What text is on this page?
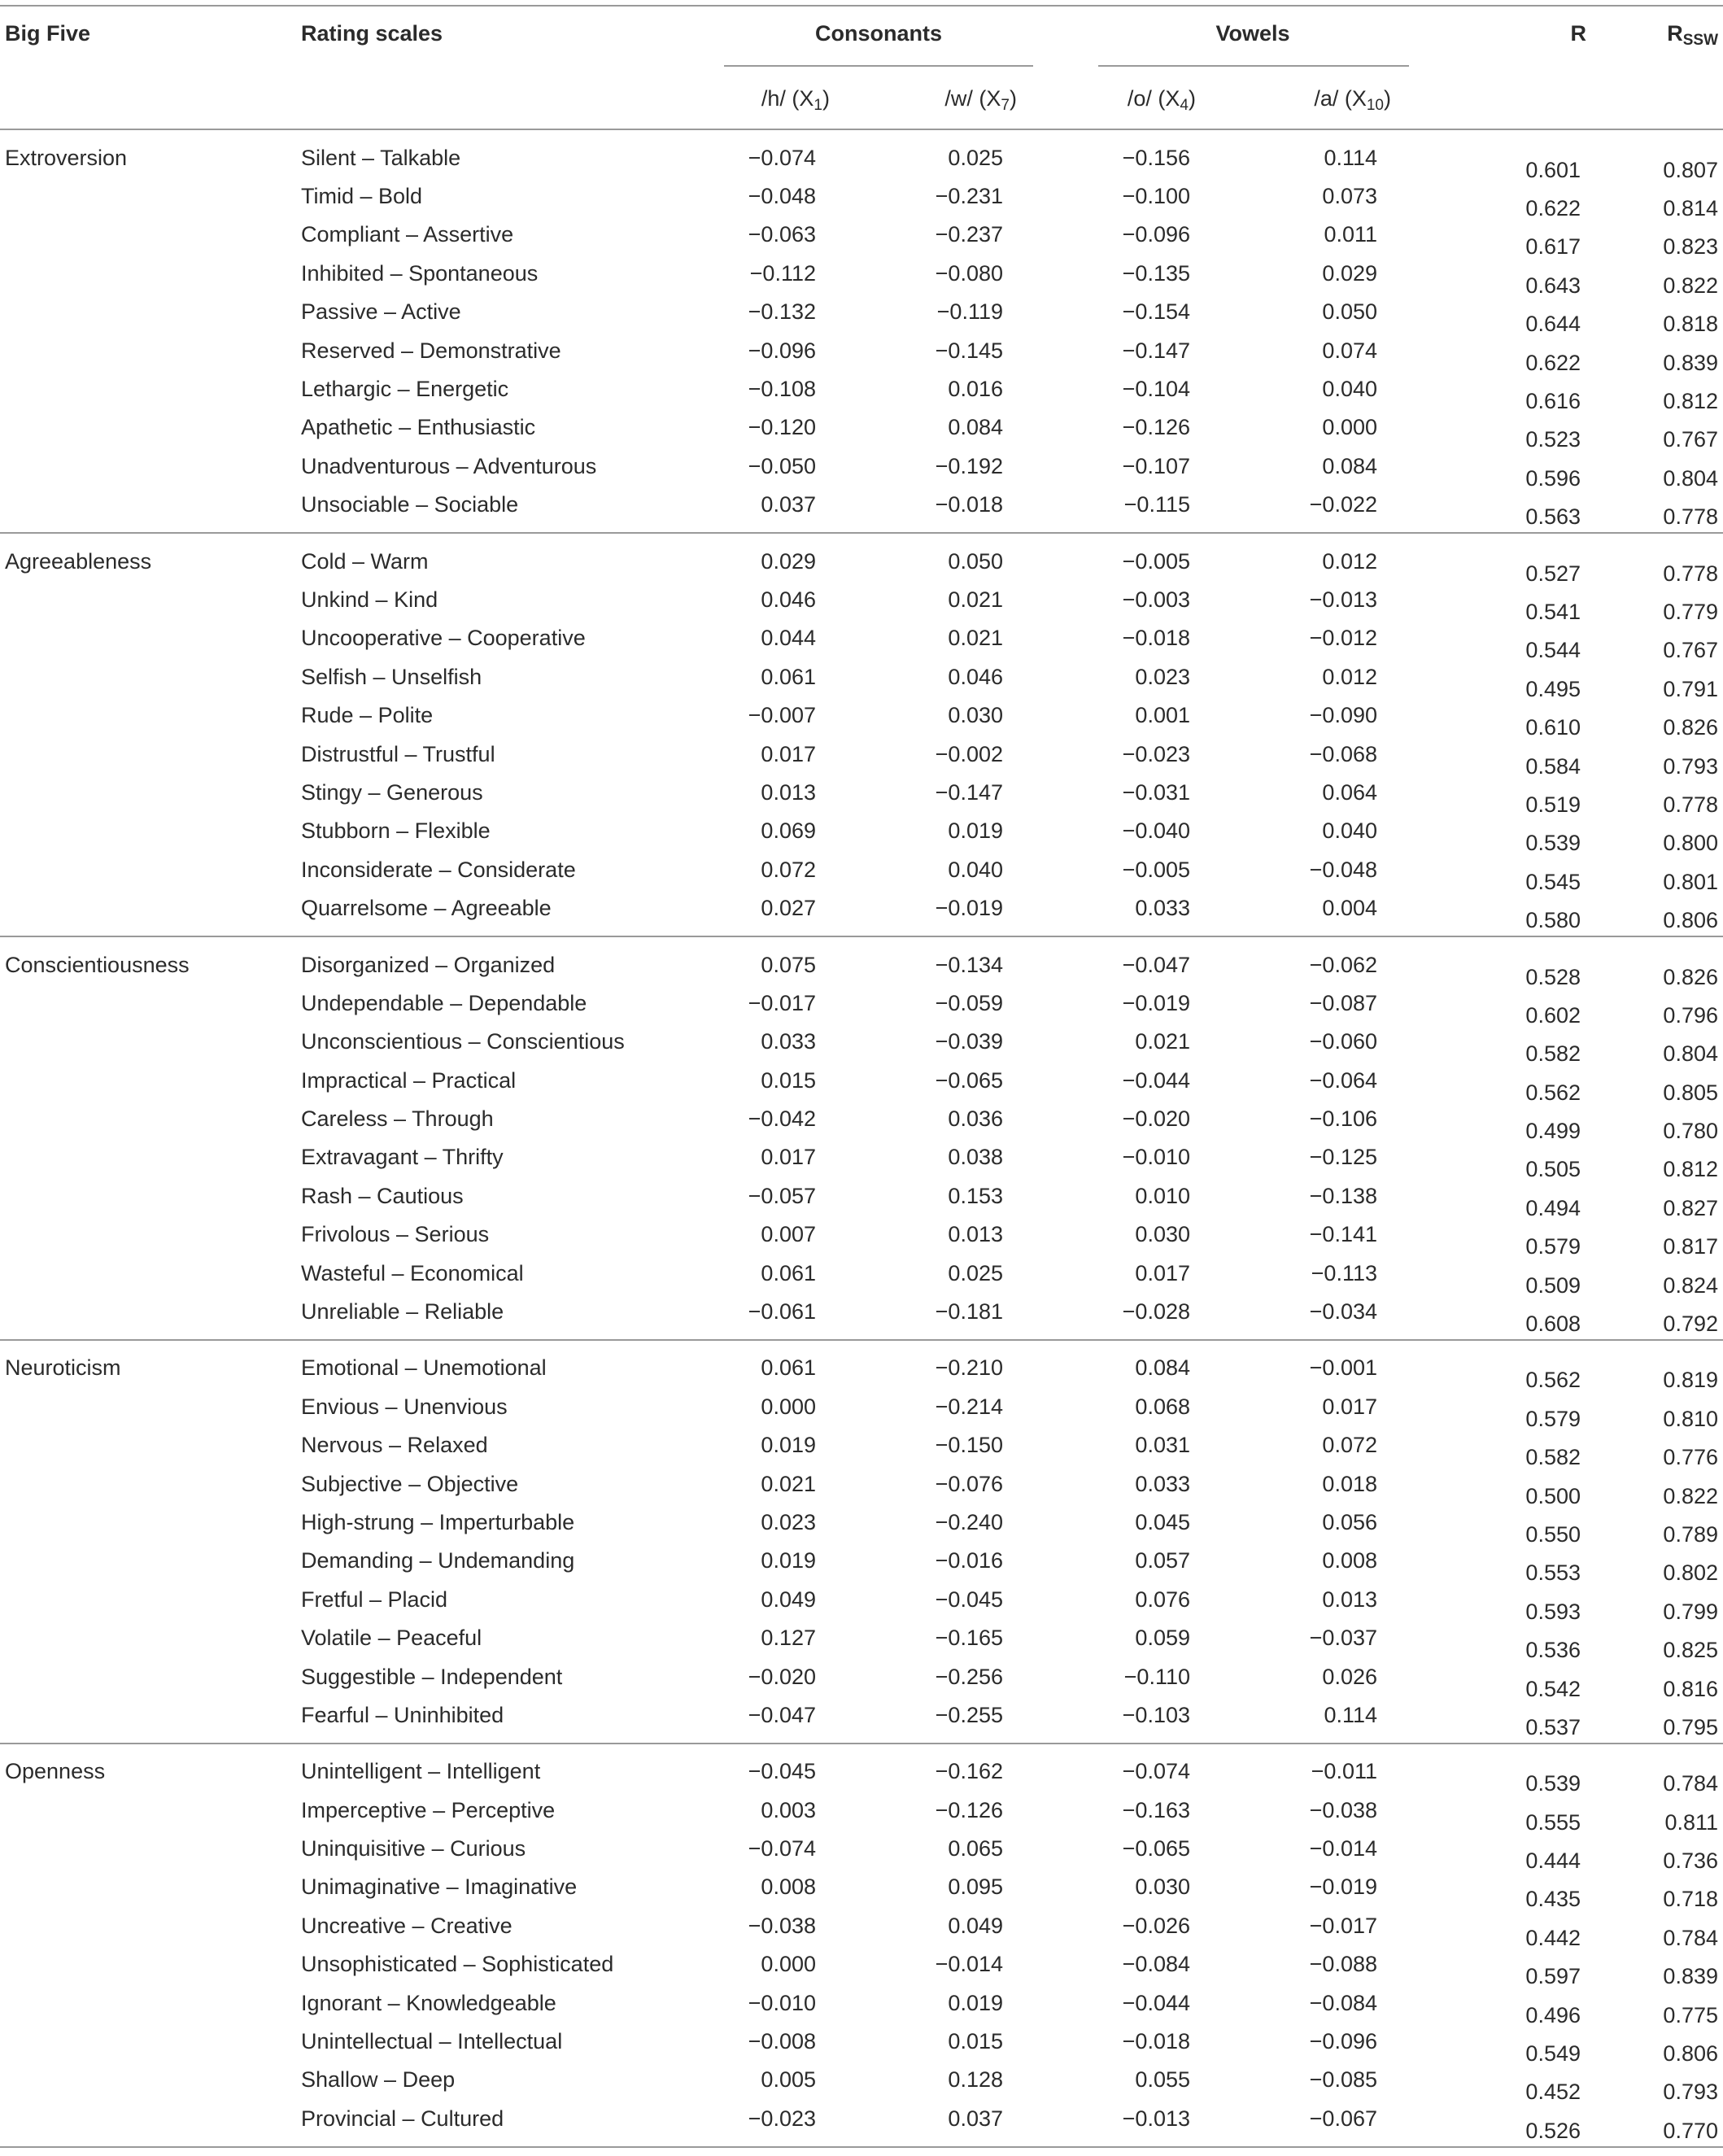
Big Five	Rating scales	Consonants	Vowels	R	$R_{SSW}$
/h/ $(X_1)$	/w/ $(X_7)$	/o/ $(X_4)$	/a/ $(X_{10})$
Extroversion	Silent – Talkable		−0.074	0.025	−0.156	0.114	0.601 0.807

	Timid – Bold		−0.048	−0.231	−0.100	0.073	0.622 0.814

	Compliant – Assertive		−0.063	−0.237	−0.096	0.011	0.617 0.823

	Inhibited – Spontaneous		−0.112	−0.080	−0.135	0.029	0.643 0.822

	Passive – Active		−0.132	−0.119	−0.154	0.050	0.644 0.818

	Reserved – Demonstrative		−0.096	−0.145	−0.147	0.074	0.622 0.839

	Lethargic – Energetic		−0.108	0.016	−0.104	0.040	0.616 0.812

	Apathetic – Enthusiastic		−0.120	0.084	−0.126	0.000	0.523 0.767

	Unadventurous – Adventurous		−0.050	−0.192	−0.107	0.084	0.596 0.804

	Unsociable – Sociable		0.037	−0.018	−0.115	−0.022	0.563 0.778

Agreeableness	Cold – Warm		0.029	0.050	−0.005	0.012	0.527 0.778

	Unkind – Kind		0.046	0.021	−0.003	−0.013	0.541 0.779

	Uncooperative – Cooperative		0.044	0.021	−0.018	−0.012	0.544 0.767

	Selfish – Unselfish		0.061	0.046	0.023	0.012	0.495 0.791

	Rude – Polite		−0.007	0.030	0.001	−0.090	0.610 0.826

	Distrustful – Trustful		0.017	−0.002	−0.023	−0.068	0.584 0.793

	Stingy – Generous		0.013	−0.147	−0.031	0.064	0.519 0.778

	Stubborn – Flexible		0.069	0.019	−0.040	0.040	0.539 0.800

	Inconsiderate – Considerate		0.072	0.040	−0.005	−0.048	0.545 0.801

	Quarrelsome – Agreeable		0.027	−0.019	0.033	0.004	0.580 0.806

Conscientiousness	Disorganized – Organized		0.075	−0.134	−0.047	−0.062	0.528 0.826

	Undependable – Dependable		−0.017	−0.059	−0.019	−0.087	0.602 0.796

	Unconscientious – Conscientious		0.033	−0.039	0.021	−0.060	0.582 0.804

	Impractical – Practical		0.015	−0.065	−0.044	−0.064	0.562 0.805

	Careless – Through		−0.042	0.036	−0.020	−0.106	0.499 0.780

	Extravagant – Thrifty		0.017	0.038	−0.010	−0.125	0.505 0.812

	Rash – Cautious		−0.057	0.153	0.010	−0.138	0.494 0.827

	Frivolous – Serious		0.007	0.013	0.030	−0.141	0.579 0.817

	Wasteful – Economical		0.061	0.025	0.017	−0.113	0.509 0.824

	Unreliable – Reliable		−0.061	−0.181	−0.028	−0.034	0.608 0.792

Neuroticism	Emotional – Unemotional		0.061	−0.210	0.084	−0.001	0.562 0.819

	Envious – Unenvious		0.000	−0.214	0.068	0.017	0.579 0.810

	Nervous – Relaxed		0.019	−0.150	0.031	0.072	0.582 0.776

	Subjective – Objective		0.021	−0.076	0.033	0.018	0.500 0.822

	High-strung – Imperturbable		0.023	−0.240	0.045	0.056	0.550 0.789

	Demanding – Undemanding		0.019	−0.016	0.057	0.008	0.553 0.802

	Fretful – Placid		0.049	−0.045	0.076	0.013	0.593 0.799

	Volatile – Peaceful		0.127	−0.165	0.059	−0.037	0.536 0.825

	Suggestible – Independent		−0.020	−0.256	−0.110	0.026	0.542 0.816

	Fearful – Uninhibited		−0.047	−0.255	−0.103	0.114	0.537 0.795

Openness	Unintelligent – Intelligent		−0.045	−0.162	−0.074	−0.011	0.539 0.784

	Imperceptive – Perceptive		0.003	−0.126	−0.163	−0.038	0.555 0.811

	Uninquisitive – Curious		−0.074	0.065	−0.065	−0.014	0.444 0.736

	Unimaginative – Imaginative		0.008	0.095	0.030	−0.019	0.435 0.718

	Uncreative – Creative		−0.038	0.049	−0.026	−0.017	0.442 0.784

	Unsophisticated – Sophisticated		0.000	−0.014	−0.084	−0.088	0.597 0.839

	Ignorant – Knowledgeable		−0.010	0.019	−0.044	−0.084	0.496 0.775

	Unintellectual – Intellectual		−0.008	0.015	−0.018	−0.096	0.549 0.806

	Shallow – Deep		0.005	0.128	0.055	−0.085	0.452 0.793

	Provincial – Cultured		−0.023	0.037	−0.013	−0.067	0.526 0.770
